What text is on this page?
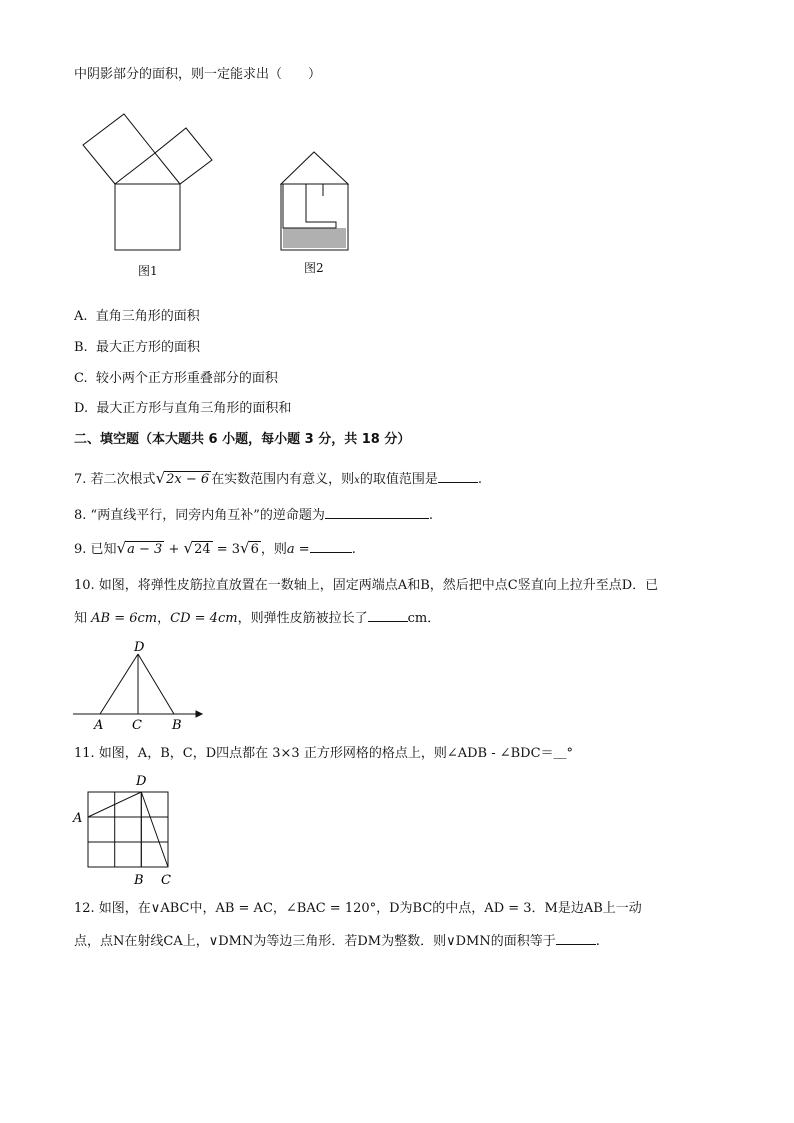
中阴影部分的面积，则一定能求出（　　）
图1	图2
A. 直角三角形的面积
B. 最大正方形的面积
C. 较小两个正方形重叠部分的面积
D. 最大正方形与直角三角形的面积和
二、填空题（本大题共 6 小题，每小题 3 分，共 18 分）
7. 若二次根式√2x − 6 在实数范围内有意义，则x的取值范围是	.
8. “两直线平行，同旁内角互补”的逆命题为	.
9. 已知√a − 3 + √24 = 3√6 ，则a =	.
10. 如图，将弹性皮筋拉直放置在一数轴上，固定两端点A和B，然后把中点C竖直向上拉升至点D．已
知 AB = 6cm，CD = 4cm，则弹性皮筋被拉长了	cm．
D
A C B
11. 如图，A，B，C，D四点都在 3×3 正方形网格的格点上，则∠ADB - ∠BDC＝＿°
D
A
B C
12. 如图，在∨ABC中，AB = AC，∠BAC = 120°，D为BC的中点，AD = 3．M是边AB上一动
点，点N在射线CA上，∨DMN为等边三角形．若DM为整数．则∨DMN的面积等于	.
